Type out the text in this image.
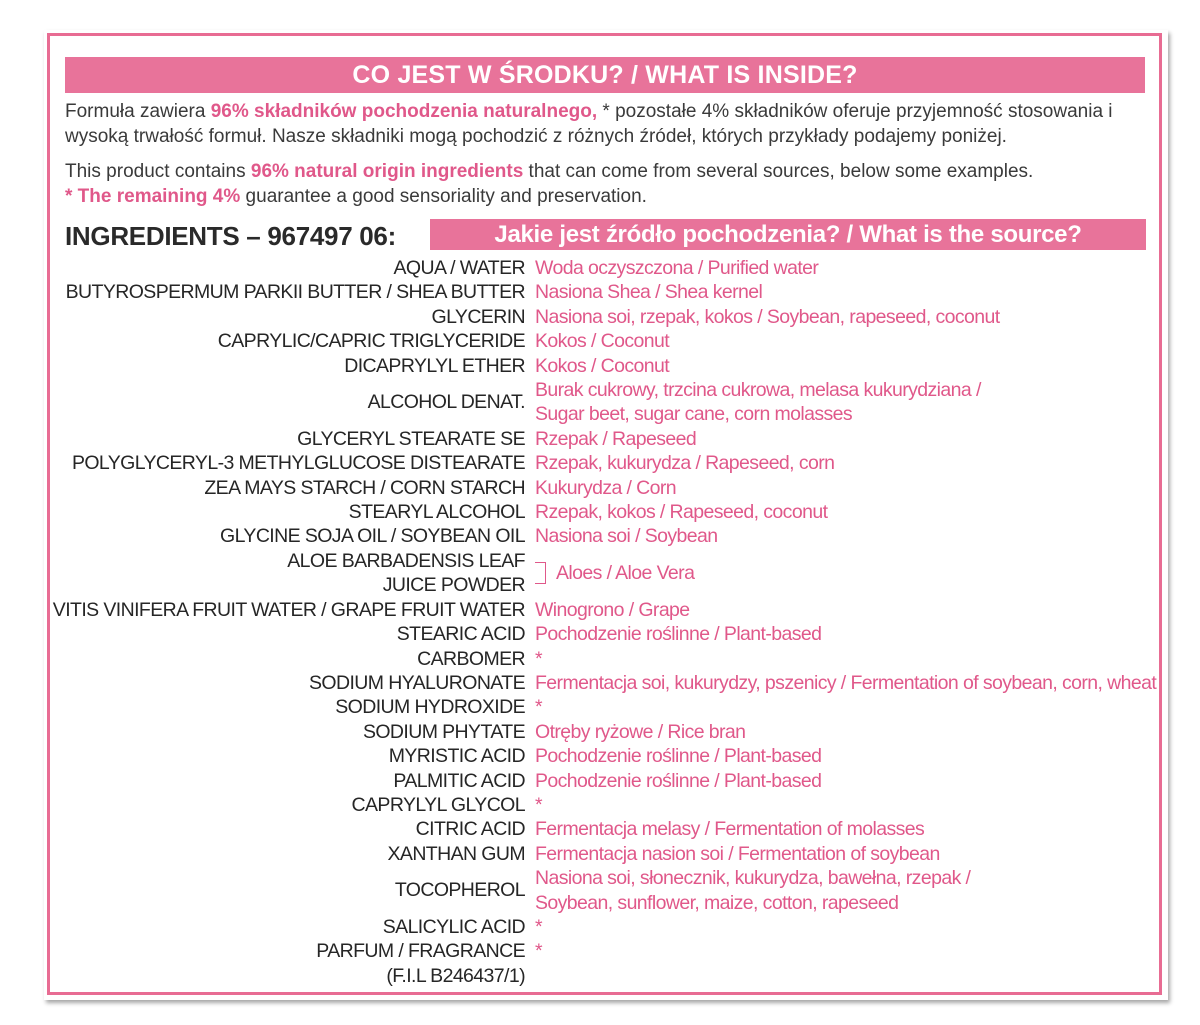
CO JEST W ŚRODKU? / WHAT IS INSIDE?
Formuła zawiera 96% składników pochodzenia naturalnego, * pozostałe 4% składników oferuje przyjemność stosowania i wysoką trwałość formuł. Nasze składniki mogą pochodzić z różnych źródeł, których przykłady podajemy poniżej.
This product contains 96% natural origin ingredients that can come from several sources, below some examples.
* The remaining 4% guarantee a good sensoriality and preservation.
INGREDIENTS – 967497 06:	Jakie jest źródło pochodzenia? / What is the source?
AQUA / WATER Woda oczyszczona / Purified water
BUTYROSPERMUM PARKII BUTTER / SHEA BUTTER Nasiona Shea / Shea kernel
GLYCERIN Nasiona soi, rzepak, kokos / Soybean, rapeseed, coconut
CAPRYLIC/CAPRIC TRIGLYCERIDE Kokos / Coconut
DICAPRYLYL ETHER Kokos / Coconut
ALCOHOL DENAT.
Burak cukrowy, trzcina cukrowa, melasa kukurydziana /
Sugar beet, sugar cane, corn molasses
GLYCERYL STEARATE SE Rzepak / Rapeseed
POLYGLYCERYL-3 METHYLGLUCOSE DISTEARATE Rzepak, kukurydza / Rapeseed, corn
ZEA MAYS STARCH / CORN STARCH Kukurydza / Corn
STEARYL ALCOHOL Rzepak, kokos / Rapeseed, coconut
GLYCINE SOJA OIL / SOYBEAN OIL Nasiona soi / Soybean
ALOE BARBADENSIS LEAF
JUICE POWDER
Aloes / Aloe Vera
VITIS VINIFERA FRUIT WATER / GRAPE FRUIT WATER Winogrono / Grape
STEARIC ACID Pochodzenie roślinne / Plant-based
CARBOMER *
SODIUM HYALURONATE Fermentacja soi, kukurydzy, pszenicy / Fermentation of soybean, corn, wheat
SODIUM HYDROXIDE *
SODIUM PHYTATE Otręby ryżowe / Rice bran
MYRISTIC ACID Pochodzenie roślinne / Plant-based
PALMITIC ACID Pochodzenie roślinne / Plant-based
CAPRYLYL GLYCOL *
CITRIC ACID Fermentacja melasy / Fermentation of molasses
XANTHAN GUM Fermentacja nasion soi / Fermentation of soybean
TOCOPHEROL
Nasiona soi, słonecznik, kukurydza, bawełna, rzepak /
Soybean, sunflower, maize, cotton, rapeseed
SALICYLIC ACID *
PARFUM / FRAGRANCE *
(F.I.L B246437/1)
